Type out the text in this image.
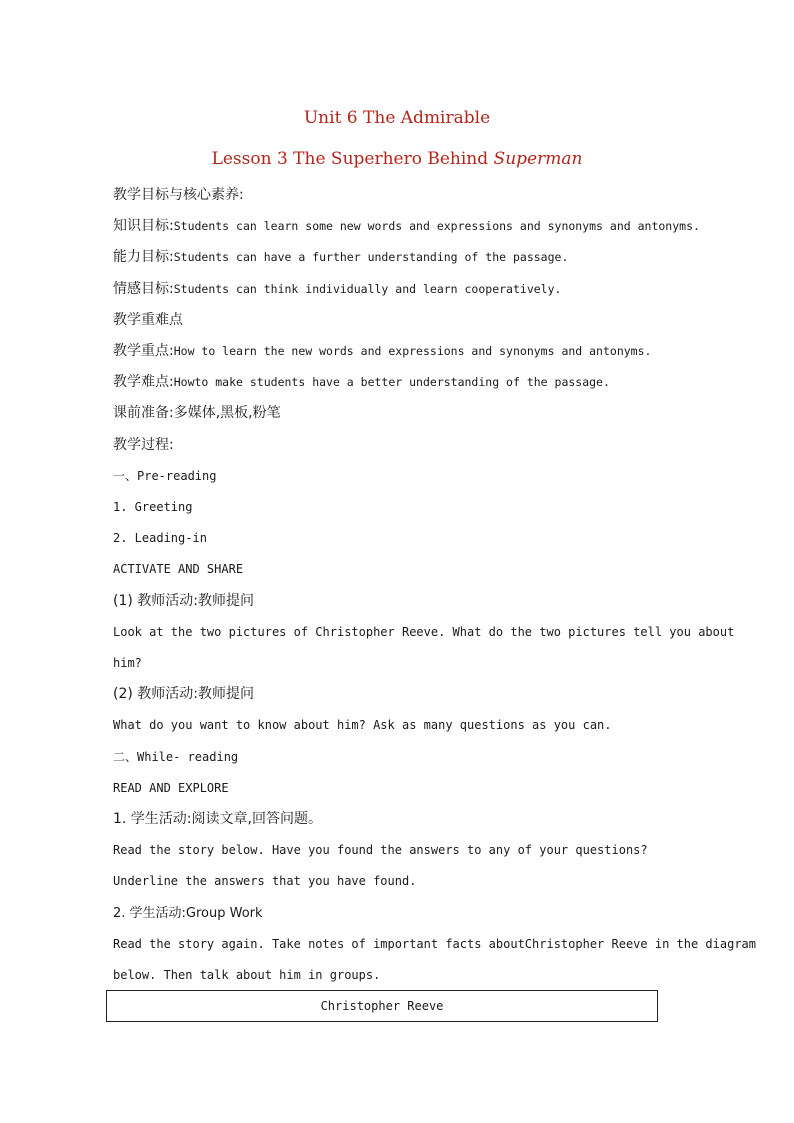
Unit 6 The Admirable
Lesson 3 The Superhero Behind Superman
教学目标与核心素养:
知识目标:Students can learn some new words and expressions and synonyms and antonyms.
能力目标:Students can have a further understanding of the passage.
情感目标:Students can think individually and learn cooperatively.
教学重难点
教学重点:How to learn the new words and expressions and synonyms and antonyms.
教学难点:Howto make students have a better understanding of the passage.
课前准备:多媒体,黑板,粉笔
教学过程:
一、Pre-reading
1. Greeting
2. Leading-in
ACTIVATE AND SHARE
(1) 教师活动:教师提问
Look at the two pictures of Christopher Reeve. What do the two pictures tell you about
him?
(2) 教师活动:教师提问
What do you want to know about him? Ask as many questions as you can.
二、While- reading
READ AND EXPLORE
1. 学生活动:阅读文章,回答问题。
Read the story below. Have you found the answers to any of your questions?
Underline the answers that you have found.
2. 学生活动:Group Work
Read the story again. Take notes of important facts aboutChristopher Reeve in the diagram
below. Then talk about him in groups.
Christopher Reeve
